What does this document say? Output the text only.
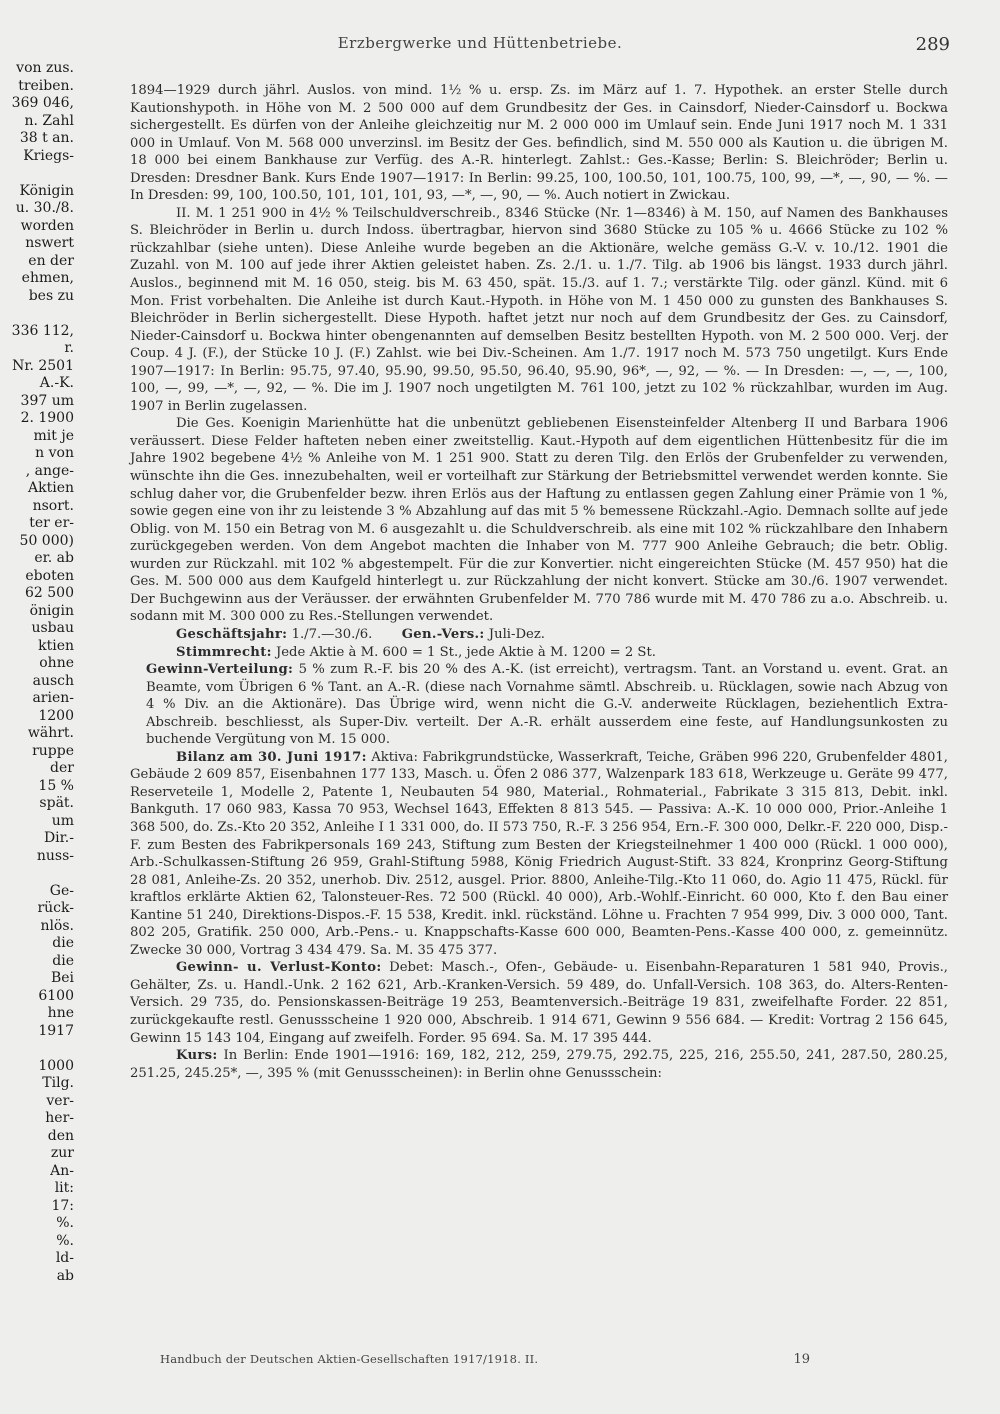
von zus.
treiben.
369 046,
n. Zahl
38 t an.
Kriegs-
Königin
u. 30./8.
worden
nswert
en der
ehmen,
bes zu
336 112,
r.
Nr. 2501
A.-K.
397 um
2. 1900
mit je
n von
, ange-
Aktien
nsort.
ter er-
50 000)
er. ab
eboten
62 500
önigin
usbau
ktien
ohne
ausch
arien-
1200
währt.
ruppe
der
15 %
spät.
um
Dir.-
nuss-
Ge-
rück-
nlös.
die
die
Bei
6100
hne
1917
1000
Tilg.
ver-
her-
den
zur
An-
lit:
17:
%.
%.
ld-
ab
Erzbergwerke und Hüttenbetriebe.	289

1894—1929 durch jährl. Auslos. von mind. 1½ % u. ersp. Zs. im März auf 1. 7. Hypothek. an erster Stelle durch Kautionshypoth. in Höhe von M. 2 500 000 auf dem Grundbesitz der Ges. in Cainsdorf, Nieder-Cainsdorf u. Bockwa sichergestellt. Es dürfen von der Anleihe gleichzeitig nur M. 2 000 000 im Umlauf sein. Ende Juni 1917 noch M. 1 331 000 in Umlauf. Von M. 568 000 unverzinsl. im Besitz der Ges. befindlich, sind M. 550 000 als Kaution u. die übrigen M. 18 000 bei einem Bankhause zur Verfüg. des A.-R. hinterlegt. Zahlst.: Ges.-Kasse; Berlin: S. Bleichröder; Berlin u. Dresden: Dresdner Bank. Kurs Ende 1907—1917: In Berlin: 99.25, 100, 100.50, 101, 100.75, 100, 99, —*, —, 90, — %. — In Dresden: 99, 100, 100.50, 101, 101, 101, 93, —*, —, 90, — %. Auch notiert in Zwickau.

II. M. 1 251 900 in 4½ % Teilschuldverschreib., 8346 Stücke (Nr. 1—8346) à M. 150, auf Namen des Bankhauses S. Bleichröder in Berlin u. durch Indoss. übertragbar, hiervon sind 3680 Stücke zu 105 % u. 4666 Stücke zu 102 % rückzahlbar (siehe unten). Diese Anleihe wurde begeben an die Aktionäre, welche gemäss G.-V. v. 10./12. 1901 die Zuzahl. von M. 100 auf jede ihrer Aktien geleistet haben. Zs. 2./1. u. 1./7. Tilg. ab 1906 bis längst. 1933 durch jährl. Auslos., beginnend mit M. 16 050, steig. bis M. 63 450, spät. 15./3. auf 1. 7.; verstärkte Tilg. oder gänzl. Künd. mit 6 Mon. Frist vorbehalten. Die Anleihe ist durch Kaut.-Hypoth. in Höhe von M. 1 450 000 zu gunsten des Bankhauses S. Bleichröder in Berlin sichergestellt. Diese Hypoth. haftet jetzt nur noch auf dem Grundbesitz der Ges. zu Cainsdorf, Nieder-Cainsdorf u. Bockwa hinter obengenannten auf demselben Besitz bestellten Hypoth. von M. 2 500 000. Verj. der Coup. 4 J. (F.), der Stücke 10 J. (F.) Zahlst. wie bei Div.-Scheinen. Am 1./7. 1917 noch M. 573 750 ungetilgt. Kurs Ende 1907—1917: In Berlin: 95.75, 97.40, 95.90, 99.50, 95.50, 96.40, 95.90, 96*, —, 92, — %. — In Dresden: —, —, —, 100, 100, —, 99, —*, —, 92, — %. Die im J. 1907 noch ungetilgten M. 761 100, jetzt zu 102 % rückzahlbar, wurden im Aug. 1907 in Berlin zugelassen.

Die Ges. Koenigin Marienhütte hat die unbenützt gebliebenen Eisensteinfelder Altenberg II und Barbara 1906 veräussert. Diese Felder hafteten neben einer zweitstellig. Kaut.-Hypoth auf dem eigentlichen Hüttenbesitz für die im Jahre 1902 begebene 4½ % Anleihe von M. 1 251 900. Statt zu deren Tilg. den Erlös der Grubenfelder zu verwenden, wünschte ihn die Ges. innezubehalten, weil er vorteilhaft zur Stärkung der Betriebsmittel verwendet werden konnte. Sie schlug daher vor, die Grubenfelder bezw. ihren Erlös aus der Haftung zu entlassen gegen Zahlung einer Prämie von 1 %, sowie gegen eine von ihr zu leistende 3 % Abzahlung auf das mit 5 % bemessene Rückzahl.-Agio. Demnach sollte auf jede Oblig. von M. 150 ein Betrag von M. 6 ausgezahlt u. die Schuldverschreib. als eine mit 102 % rückzahlbare den Inhabern zurückgegeben werden. Von dem Angebot machten die Inhaber von M. 777 900 Anleihe Gebrauch; die betr. Oblig. wurden zur Rückzahl. mit 102 % abgestempelt. Für die zur Konvertier. nicht eingereichten Stücke (M. 457 950) hat die Ges. M. 500 000 aus dem Kaufgeld hinterlegt u. zur Rückzahlung der nicht konvert. Stücke am 30./6. 1907 verwendet. Der Buchgewinn aus der Veräusser. der erwähnten Grubenfelder M. 770 786 wurde mit M. 470 786 zu a.o. Abschreib. u. sodann mit M. 300 000 zu Res.-Stellungen verwendet.

Geschäftsjahr: 1./7.—30./6. Gen.-Vers.: Juli-Dez.

Stimmrecht: Jede Aktie à M. 600 = 1 St., jede Aktie à M. 1200 = 2 St.

Gewinn-Verteilung: 5 % zum R.-F. bis 20 % des A.-K. (ist erreicht), vertragsm. Tant. an Vorstand u. event. Grat. an Beamte, vom Übrigen 6 % Tant. an A.-R. (diese nach Vornahme sämtl. Abschreib. u. Rücklagen, sowie nach Abzug von 4 % Div. an die Aktionäre). Das Übrige wird, wenn nicht die G.-V. anderweite Rücklagen, beziehentlich Extra-Abschreib. beschliesst, als Super-Div. verteilt. Der A.-R. erhält ausserdem eine feste, auf Handlungsunkosten zu buchende Vergütung von M. 15 000.

Bilanz am 30. Juni 1917: Aktiva: Fabrikgrundstücke, Wasserkraft, Teiche, Gräben 996 220, Grubenfelder 4801, Gebäude 2 609 857, Eisenbahnen 177 133, Masch. u. Öfen 2 086 377, Walzenpark 183 618, Werkzeuge u. Geräte 99 477, Reserveteile 1, Modelle 2, Patente 1, Neubauten 54 980, Material., Rohmaterial., Fabrikate 3 315 813, Debit. inkl. Bankguth. 17 060 983, Kassa 70 953, Wechsel 1643, Effekten 8 813 545. — Passiva: A.-K. 10 000 000, Prior.-Anleihe 1 368 500, do. Zs.-Kto 20 352, Anleihe I 1 331 000, do. II 573 750, R.-F. 3 256 954, Ern.-F. 300 000, Delkr.-F. 220 000, Disp.-F. zum Besten des Fabrikpersonals 169 243, Stiftung zum Besten der Kriegsteilnehmer 1 400 000 (Rückl. 1 000 000), Arb.-Schulkassen-Stiftung 26 959, Grahl-Stiftung 5988, König Friedrich August-Stift. 33 824, Kronprinz Georg-Stiftung 28 081, Anleihe-Zs. 20 352, unerhob. Div. 2512, ausgel. Prior. 8800, Anleihe-Tilg.-Kto 11 060, do. Agio 11 475, Rückl. für kraftlos erklärte Aktien 62, Talonsteuer-Res. 72 500 (Rückl. 40 000), Arb.-Wohlf.-Einricht. 60 000, Kto f. den Bau einer Kantine 51 240, Direktions-Dispos.-F. 15 538, Kredit. inkl. rückständ. Löhne u. Frachten 7 954 999, Div. 3 000 000, Tant. 802 205, Gratifik. 250 000, Arb.-Pens.- u. Knappschafts-Kasse 600 000, Beamten-Pens.-Kasse 400 000, z. gemeinnütz. Zwecke 30 000, Vortrag 3 434 479. Sa. M. 35 475 377.

Gewinn- u. Verlust-Konto: Debet: Masch.-, Ofen-, Gebäude- u. Eisenbahn-Reparaturen 1 581 940, Provis., Gehälter, Zs. u. Handl.-Unk. 2 162 621, Arb.-Kranken-Versich. 59 489, do. Unfall-Versich. 108 363, do. Alters-Renten-Versich. 29 735, do. Pensionskassen-Beiträge 19 253, Beamtenversich.-Beiträge 19 831, zweifelhafte Forder. 22 851, zurückgekaufte restl. Genussscheine 1 920 000, Abschreib. 1 914 671, Gewinn 9 556 684. — Kredit: Vortrag 2 156 645, Gewinn 15 143 104, Eingang auf zweifelh. Forder. 95 694. Sa. M. 17 395 444.

Kurs: In Berlin: Ende 1901—1916: 169, 182, 212, 259, 279.75, 292.75, 225, 216, 255.50, 241, 287.50, 280.25, 251.25, 245.25*, —, 395 % (mit Genussscheinen): in Berlin ohne Genussschein:

Handbuch der Deutschen Aktien-Gesellschaften 1917/1918. II.	19
